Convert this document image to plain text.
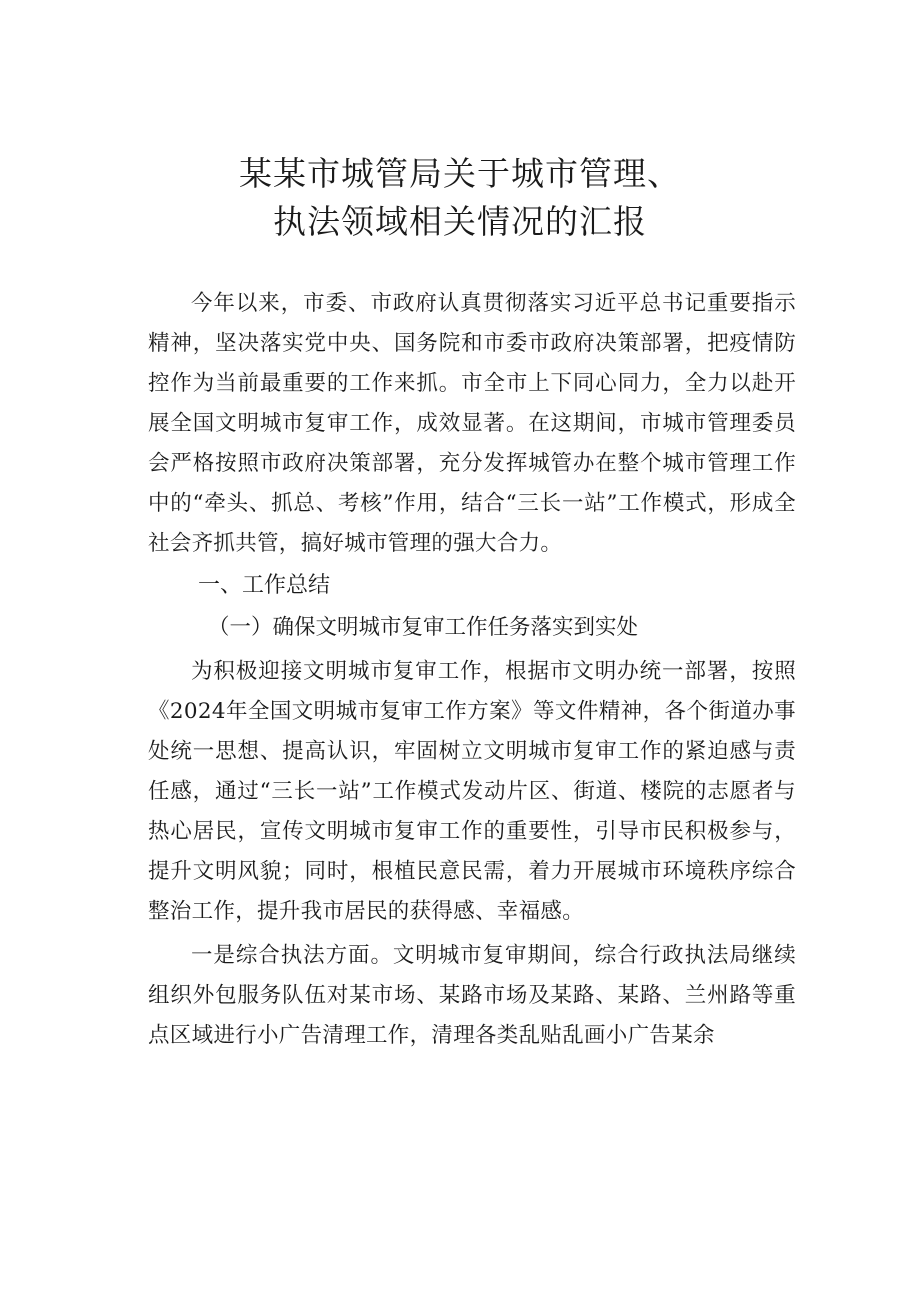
某某市城管局关于城市管理、
执法领域相关情况的汇报

今年以来，市委、市政府认真贯彻落实习近平总书记重要指示精神，坚决落实党中央、国务院和市委市政府决策部署，把疫情防控作为当前最重要的工作来抓。市全市上下同心同力，全力以赴开展全国文明城市复审工作，成效显著。在这期间，市城市管理委员会严格按照市政府决策部署，充分发挥城管办在整个城市管理工作中的“牵头、抓总、考核”作用，结合“三长一站”工作模式，形成全社会齐抓共管，搞好城市管理的强大合力。

一、工作总结
（一）确保文明城市复审工作任务落实到实处

为积极迎接文明城市复审工作，根据市文明办统一部署，按照《2024年全国文明城市复审工作方案》等文件精神，各个街道办事处统一思想、提高认识，牢固树立文明城市复审工作的紧迫感与责任感，通过“三长一站”工作模式发动片区、街道、楼院的志愿者与热心居民，宣传文明城市复审工作的重要性，引导市民积极参与，提升文明风貌；同时，根植民意民需，着力开展城市环境秩序综合整治工作，提升我市居民的获得感、幸福感。

一是综合执法方面。文明城市复审期间，综合行政执法局继续组织外包服务队伍对某市场、某路市场及某路、某路、兰州路等重点区域进行小广告清理工作，清理各类乱贴乱画小广告某余
